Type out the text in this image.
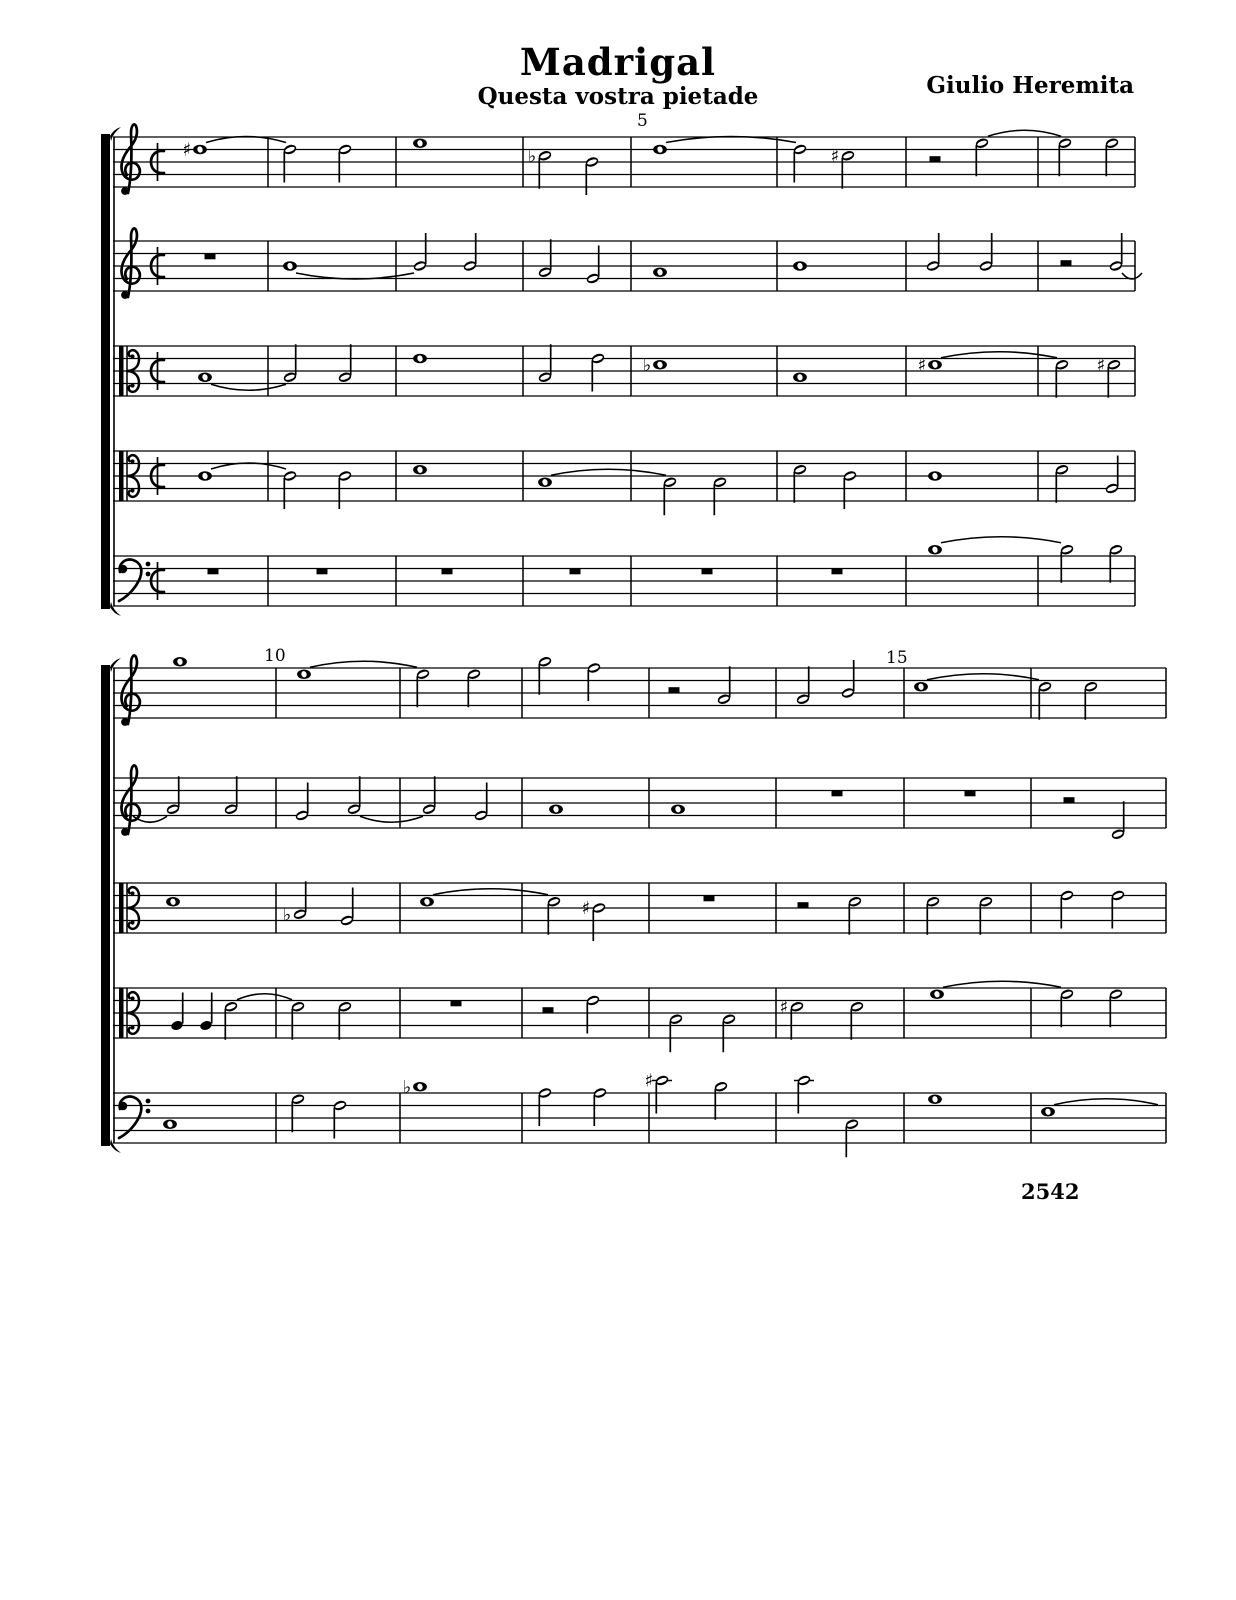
Madrigal
Questa vostra pietade	Giulio Heremita
5
♯	♭	♯
♭	♯	♯
10	15
♭	♯
♯
♭	♯
2542
